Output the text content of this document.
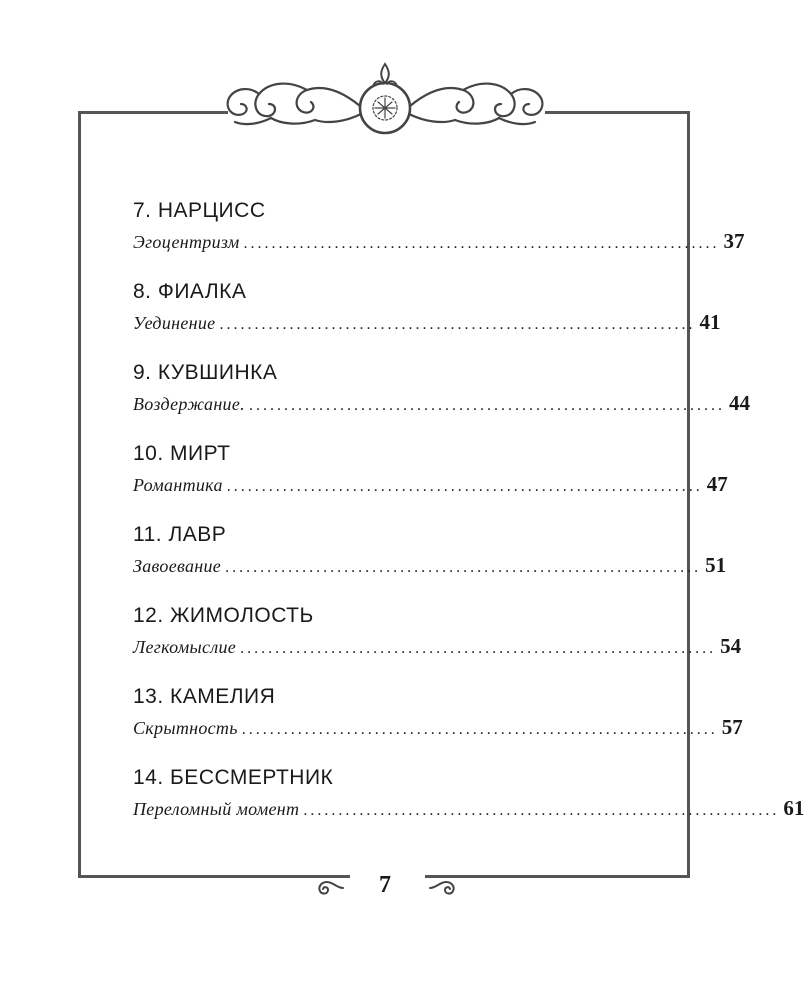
7. НАРЦИСС
Эгоцентризм .................................................................... 37
8. ФИАЛКА
Уединение .................................................................... 41
9. КУВШИНКА
Воздержание. .................................................................... 44
10. МИРТ
Романтика .................................................................... 47
11. ЛАВР
Завоевание .................................................................... 51
12. ЖИМОЛОСТЬ
Легкомыслие .................................................................... 54
13. КАМЕЛИЯ
Скрытность .................................................................... 57
14. БЕССМЕРТНИК
Переломный момент .................................................................... 61
7
